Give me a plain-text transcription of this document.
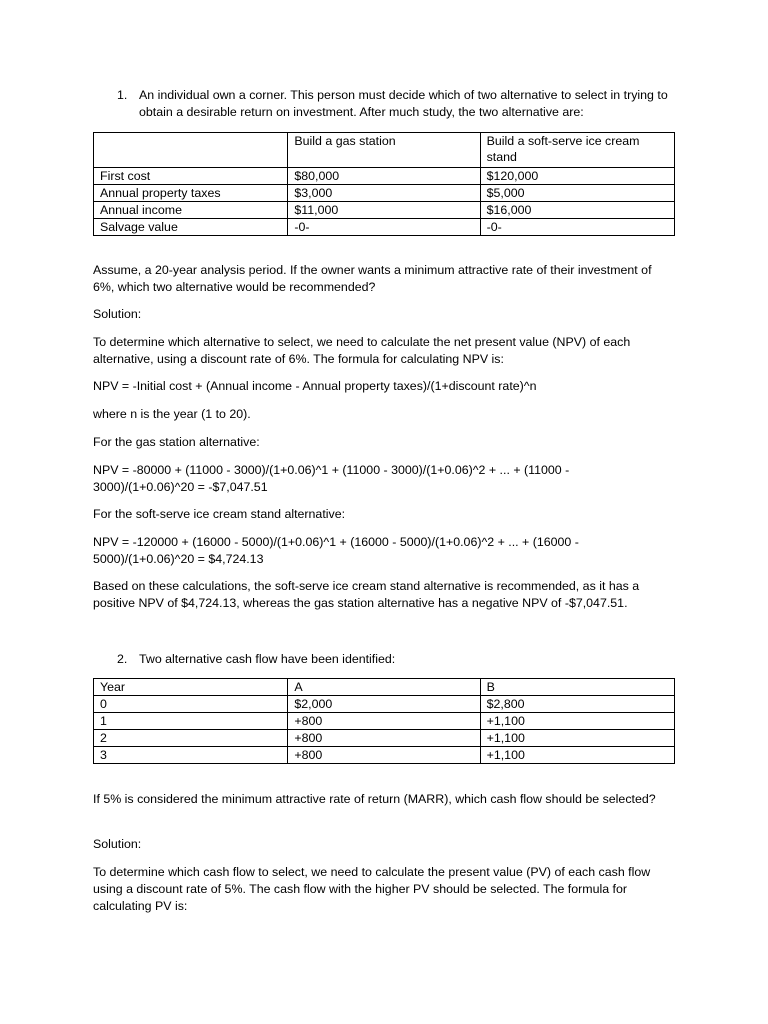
1. An individual own a corner. This person must decide which of two alternative to select in trying to obtain a desirable return on investment. After much study, the two alternative are:
	Build a gas station	Build a soft-serve ice cream stand
First cost	$80,000	$120,000
Annual property taxes	$3,000	$5,000
Annual income	$11,000	$16,000
Salvage value	-0-	-0-

Assume, a 20-year analysis period. If the owner wants a minimum attractive rate of their investment of 6%, which two alternative would be recommended?

Solution:

To determine which alternative to select, we need to calculate the net present value (NPV) of each alternative, using a discount rate of 6%. The formula for calculating NPV is:

NPV = -Initial cost + (Annual income - Annual property taxes)/(1+discount rate)^n

where n is the year (1 to 20).

For the gas station alternative:

NPV = -80000 + (11000 - 3000)/(1+0.06)^1 + (11000 - 3000)/(1+0.06)^2 + ... + (11000 - 3000)/(1+0.06)^20 = -$7,047.51

For the soft-serve ice cream stand alternative:

NPV = -120000 + (16000 - 5000)/(1+0.06)^1 + (16000 - 5000)/(1+0.06)^2 + ... + (16000 - 5000)/(1+0.06)^20 = $4,724.13

Based on these calculations, the soft-serve ice cream stand alternative is recommended, as it has a positive NPV of $4,724.13, whereas the gas station alternative has a negative NPV of -$7,047.51.

2. Two alternative cash flow have been identified:
Year	A	B
0	$2,000	$2,800
1	+800	+1,100
2	+800	+1,100
3	+800	+1,100

If 5% is considered the minimum attractive rate of return (MARR), which cash flow should be selected?

Solution:

To determine which cash flow to select, we need to calculate the present value (PV) of each cash flow using a discount rate of 5%. The cash flow with the higher PV should be selected. The formula for calculating PV is:
